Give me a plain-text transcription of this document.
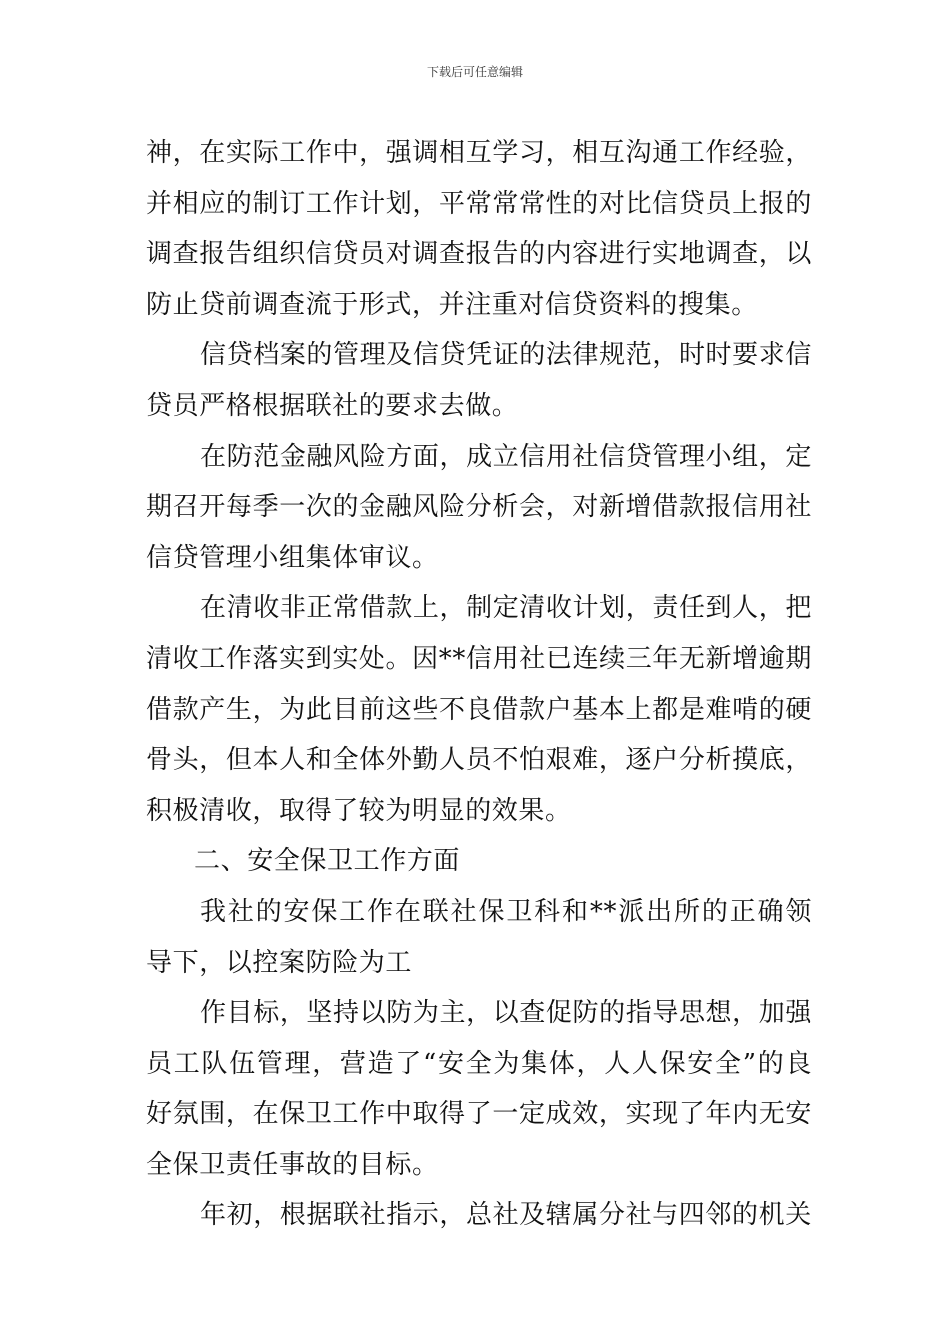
下载后可任意编辑

神，在实际工作中，强调相互学习，相互沟通工作经验，并相应的制订工作计划，平常常常性的对比信贷员上报的调查报告组织信贷员对调查报告的内容进行实地调查，以防止贷前调查流于形式，并注重对信贷资料的搜集。

信贷档案的管理及信贷凭证的法律规范，时时要求信贷员严格根据联社的要求去做。

在防范金融风险方面，成立信用社信贷管理小组，定期召开每季一次的金融风险分析会，对新增借款报信用社信贷管理小组集体审议。

在清收非正常借款上，制定清收计划，责任到人，把清收工作落实到实处。因**信用社已连续三年无新增逾期借款产生，为此目前这些不良借款户基本上都是难啃的硬骨头，但本人和全体外勤人员不怕艰难，逐户分析摸底，积极清收，取得了较为明显的效果。

二、安全保卫工作方面

我社的安保工作在联社保卫科和**派出所的正确领导下，以控案防险为工

作目标，坚持以防为主，以查促防的指导思想，加强员工队伍管理，营造了“安全为集体，人人保安全”的良好氛围，在保卫工作中取得了一定成效，实现了年内无安全保卫责任事故的目标。

年初，根据联社指示，总社及辖属分社与四邻的机关
